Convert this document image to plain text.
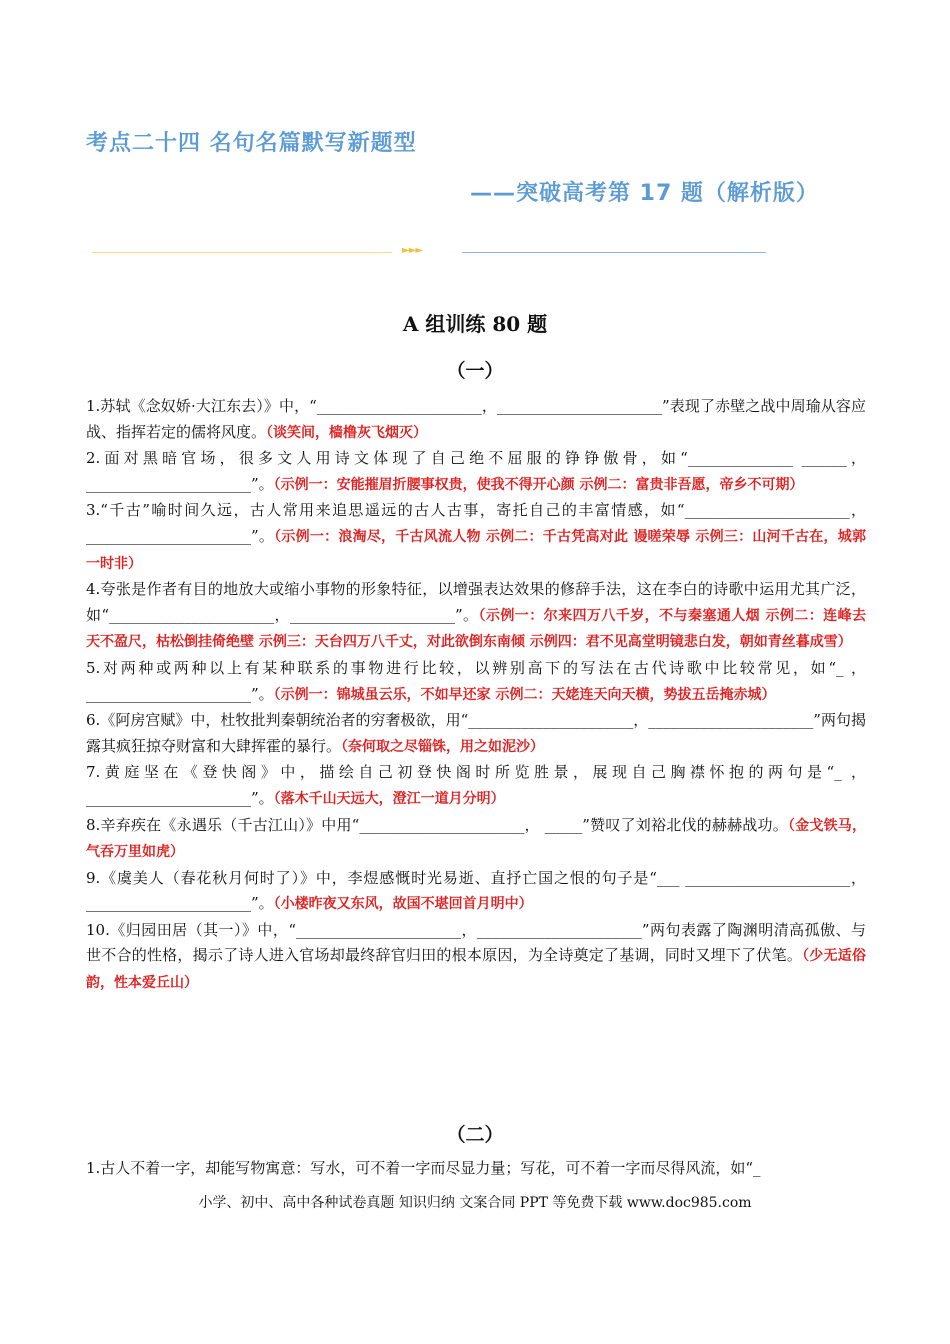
考点二十四 名句名篇默写新题型
——突破高考第 17 题（解析版）
►►►
A 组训练 80 题
（一）

1.苏轼《念奴娇·大江东去）》中，“______________________，______________________”表现了赤壁之战中周瑜从容应战、指挥若定的儒将风度。（谈笑间，樯橹灰飞烟灭）

2.面对黑暗官场，很多文人用诗文体现了自己绝不屈服的铮铮傲骨，如“______________ ______，______________________”。（示例一：安能摧眉折腰事权贵，使我不得开心颜 示例二：富贵非吾愿，帝乡不可期）

3.“千古”喻时间久远，古人常用来追思遥远的古人古事，寄托自己的丰富情感，如“______________________，______________________”。（示例一：浪淘尽，千古风流人物 示例二：千古凭高对此 谩嗟荣辱 示例三：山河千古在，城郭一时非）

4.夸张是作者有目的地放大或缩小事物的形象特征，以增强表达效果的修辞手法，这在李白的诗歌中运用尤其广泛，如“______________________，______________________”。（示例一：尔来四万八千岁，不与秦塞通人烟 示例二：连峰去天不盈尺，枯松倒挂倚绝壁 示例三：天台四万八千丈，对此欲倒东南倾 示例四：君不见高堂明镜悲白发，朝如青丝暮成雪）

5.对两种或两种以上有某种联系的事物进行比较，以辨别高下的写法在古代诗歌中比较常见，如“_ ，______________________”。（示例一：锦城虽云乐，不如早还家 示例二：天姥连天向天横，势拔五岳掩赤城）

6.《阿房宫赋》中，杜牧批判秦朝统治者的穷奢极欲，用“______________________，______________________”两句揭露其疯狂掠夺财富和大肆挥霍的暴行。（奈何取之尽锱铢，用之如泥沙）

7.黄庭坚在《登快阁》中，描绘自己初登快阁时所览胜景，展现自己胸襟怀抱的两句是“_ ，______________________”。（落木千山天远大，澄江一道月分明）

8.辛弃疾在《永遇乐（千古江山）》中用“______________________， _____”赞叹了刘裕北伐的赫赫战功。（金戈铁马，气吞万里如虎）

9.《虞美人（春花秋月何时了）》中，李煜感慨时光易逝、直抒亡国之恨的句子是“___ ______________________，______________________”。（小楼昨夜又东风，故国不堪回首月明中）

10.《归园田居（其一）》中，“______________________，______________________”两句表露了陶渊明清高孤傲、与世不合的性格，揭示了诗人进入官场却最终辞官归田的根本原因，为全诗奠定了基调，同时又埋下了伏笔。（少无适俗韵，性本爱丘山）

（二）

1.古人不着一字，却能写物寓意：写水，可不着一字而尽显力量；写花，可不着一字而尽得风流，如“_

小学、初中、高中各种试卷真题 知识归纳 文案合同 PPT 等免费下载 www.doc985.com
